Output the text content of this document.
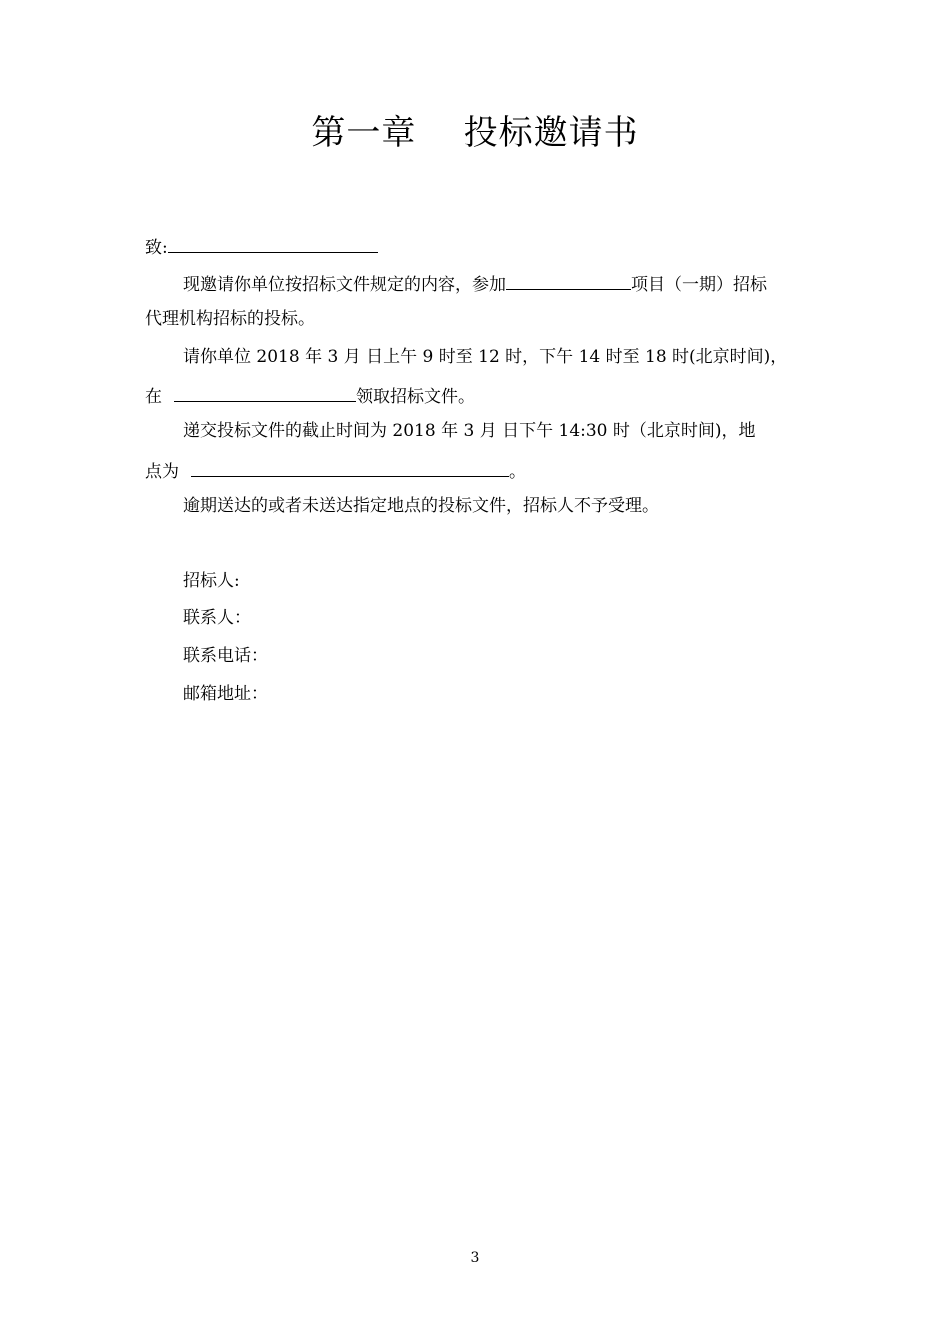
第一章    投标邀请书
致:
现邀请你单位按招标文件规定的内容，参加	项目（一期）招标
代理机构招标的投标。
请你单位 2018 年 3 月 日上午 9 时至 12 时，下午 14 时至 18 时(北京时间)，
在	领取招标文件。
递交投标文件的截止时间为 2018 年 3 月 日下午 14:30 时（北京时间)，地
点为	。
逾期送达的或者未送达指定地点的投标文件，招标人不予受理。
招标人:
联系人：
联系电话：
邮箱地址：
3
